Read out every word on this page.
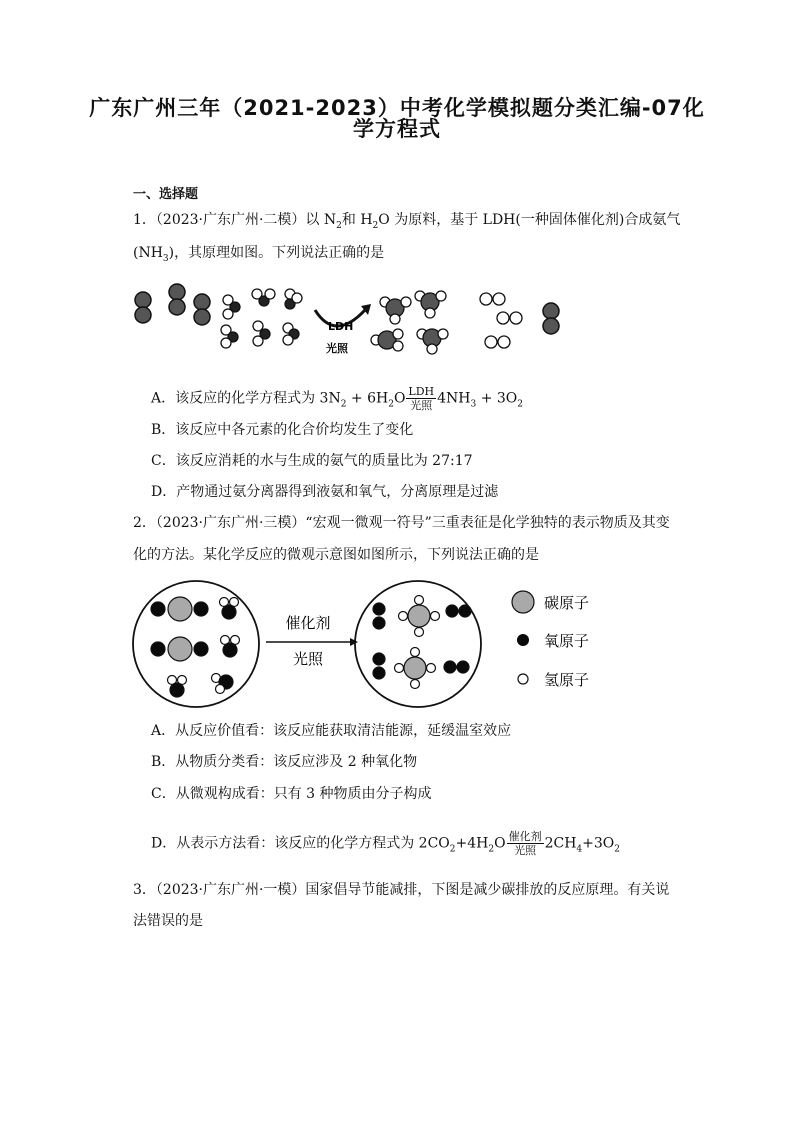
广东广州三年（2021-2023）中考化学模拟题分类汇编-07化
学方程式
一、选择题
1．（2023·广东广州·二模）以 $N_2$和 $H_2O$ 为原料，基于 LDH(一种固体催化剂)合成氨气
$(NH_3)$，其原理如图。下列说法正确的是
LDH
光照
A．该反应的化学方程式为 $3N_2 + 6H_2O \frac{\text{LDH}}{\text{光照}} 4NH_3 + 3O_2$
B．该反应中各元素的化合价均发生了变化
C．该反应消耗的水与生成的氨气的质量比为 27:17
D．产物通过氨分离器得到液氨和氧气，分离原理是过滤
2．（2023·广东广州·三模）“宏观一微观一符号”三重表征是化学独特的表示物质及其变
化的方法。某化学反应的微观示意图如图所示，下列说法正确的是
催化剂
光照
碳原子
氧原子
氢原子
A．从反应价值看：该反应能获取清洁能源，延缓温室效应
B．从物质分类看：该反应涉及 2 种氧化物
C．从微观构成看：只有 3 种物质由分子构成
D．从表示方法看：该反应的化学方程式为 $2CO_2+4H_2O \frac{\text{催化剂}}{\text{光照}} 2CH_4+3O_2$
3．（2023·广东广州·一模）国家倡导节能减排，下图是减少碳排放的反应原理。有关说
法错误的是
